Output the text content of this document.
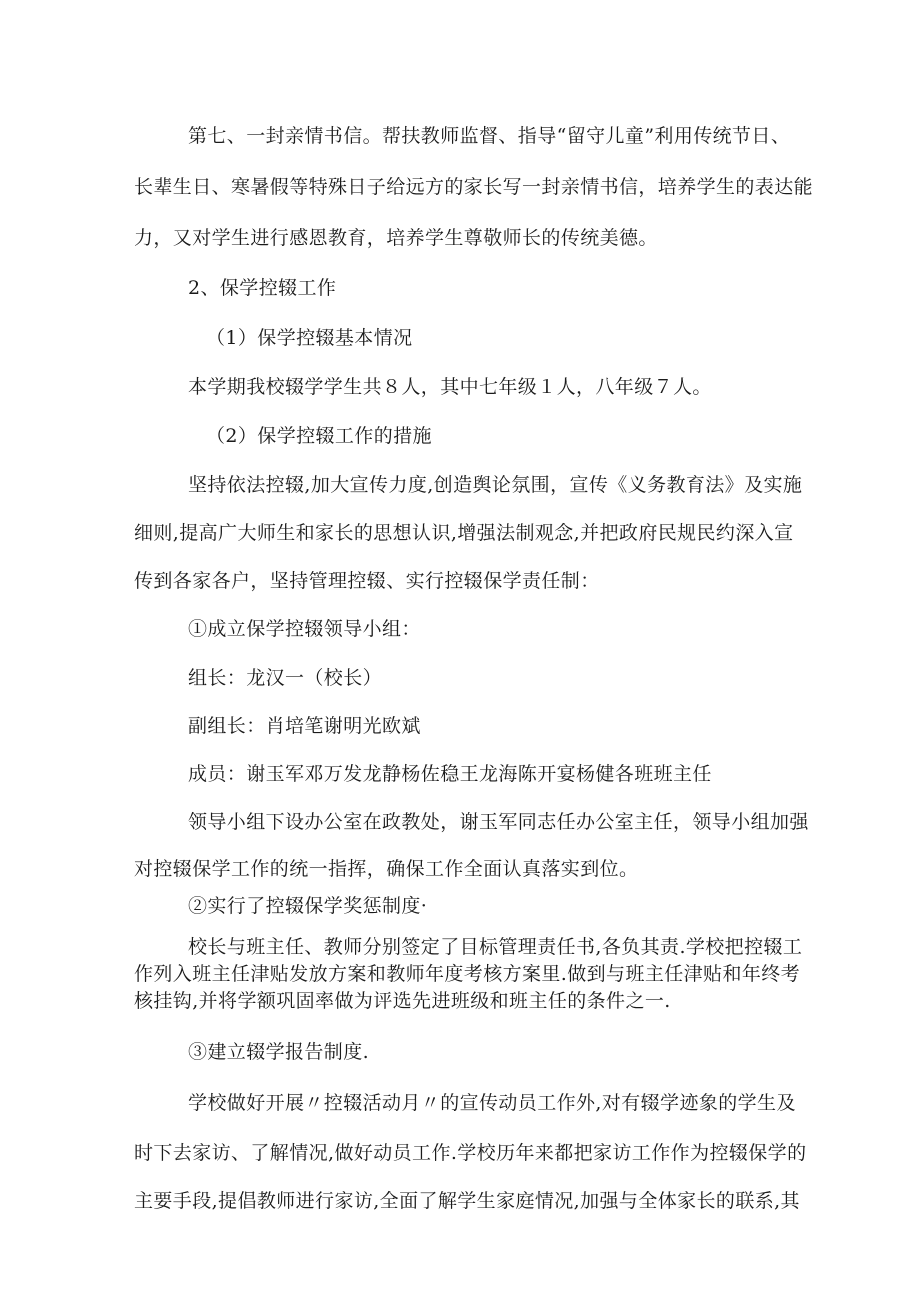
第七、一封亲情书信。帮扶教师监督、指导“留守儿童”利用传统节日、
长辈生日、寒暑假等特殊日子给远方的家长写一封亲情书信，培养学生的表达能
力，又对学生进行感恩教育，培养学生尊敬师长的传统美德。
2、保学控辍工作
（1）保学控辍基本情况
本学期我校辍学学生共８人，其中七年级１人，八年级７人。
（2）保学控辍工作的措施
坚持依法控辍,加大宣传力度,创造舆论氛围，宣传《义务教育法》及实施
细则,提高广大师生和家长的思想认识,增强法制观念,并把政府民规民约深入宣
传到各家各户，坚持管理控辍、实行控辍保学责任制：
①成立保学控辍领导小组：
组长：龙汉一（校长）
副组长：肖培笔谢明光欧斌
成员：谢玉军邓万发龙静杨佐稳王龙海陈开宴杨健各班班主任
领导小组下设办公室在政教处，谢玉军同志任办公室主任，领导小组加强
对控辍保学工作的统一指挥，确保工作全面认真落实到位。
②实行了控辍保学奖惩制度·
校长与班主任、教师分别签定了目标管理责任书,各负其责.学校把控辍工
作列入班主任津贴发放方案和教师年度考核方案里.做到与班主任津贴和年终考
核挂钩,并将学额巩固率做为评选先进班级和班主任的条件之一.
③建立辍学报告制度.
学校做好开展〃控辍活动月〃的宣传动员工作外,对有辍学迹象的学生及
时下去家访、了解情况,做好动员工作.学校历年来都把家访工作作为控辍保学的
主要手段,提倡教师进行家访,全面了解学生家庭情况,加强与全体家长的联系,其
